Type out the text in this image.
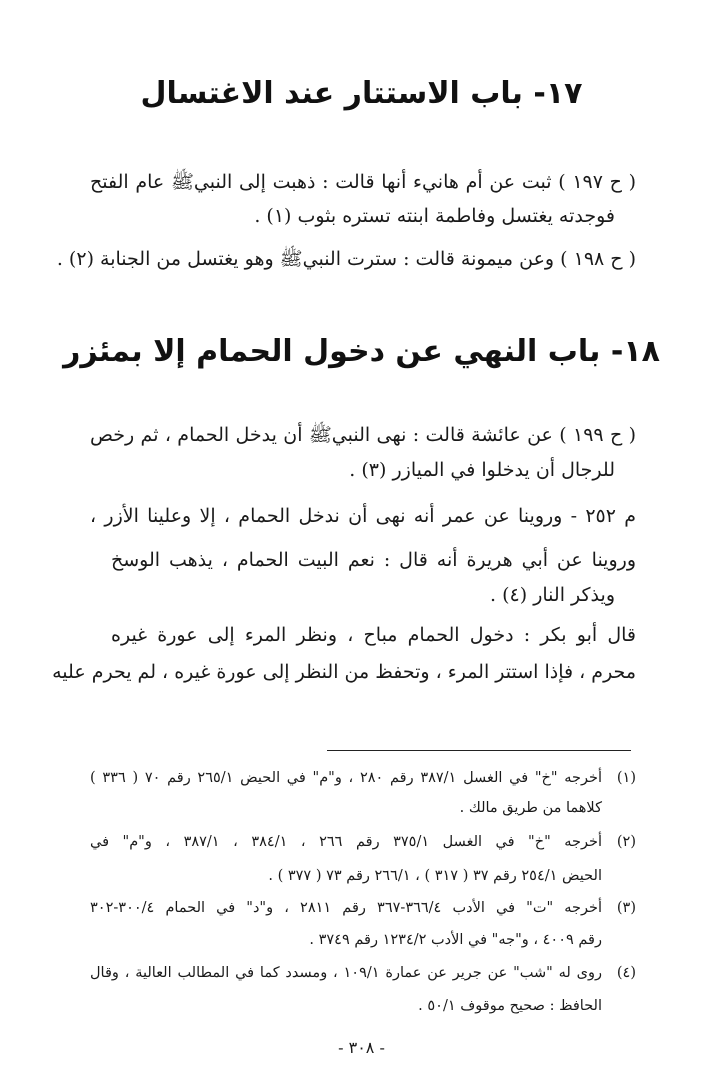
١٧- باب الاستتار عند الاغتسال
( ح ١٩٧ ) ثبت عن أم هانيء أنها قالت : ذهبت إلى النبيﷺ عام الفتح
فوجدته يغتسل وفاطمة ابنته تستره بثوب (١) .
( ح ١٩٨ ) وعن ميمونة قالت : سترت النبيﷺ وهو يغتسل من الجنابة (٢) .
١٨- باب النهي عن دخول الحمام إلا بمئزر
( ح ١٩٩ ) عن عائشة قالت : نهى النبيﷺ أن يدخل الحمام ، ثم رخص
للرجال أن يدخلوا في الميازر (٣) .
م ٢٥٢ - وروينا عن عمر أنه نهى أن ندخل الحمام ، إلا وعلينا الأزر ،
وروينا عن أبي هريرة أنه قال : نعم البيت الحمام ، يذهب الوسخ
ويذكر النار (٤) .
قال أبو بكر : دخول الحمام مباح ، ونظر المرء إلى عورة غيره
محرم ، فإذا استتر المرء ، وتحفظ من النظر إلى عورة غيره ، لم يحرم عليه
(١)أخرجه "خ" في الغسل ٣٨٧/١ رقم ٢٨٠ ، و"م" في الحيض ٢٦٥/١ رقم ٧٠ ( ٣٣٦ )
كلاهما من طريق مالك .
(٢)أخرجه "خ" في الغسل ٣٧٥/١ رقم ٢٦٦ ، ٣٨٤/١ ، ٣٨٧/١ ، و"م" في
الحيض ٢٥٤/١ رقم ٣٧ ( ٣١٧ ) ، ٢٦٦/١ رقم ٧٣ ( ٣٧٧ ) .
(٣)أخرجه "ت" في الأدب ٣٦٦/٤-٣٦٧ رقم ٢٨١١ ، و"د" في الحمام ٣٠٠/٤-٣٠٢
رقم ٤٠٠٩ ، و"جه" في الأدب ١٢٣٤/٢ رقم ٣٧٤٩ .
(٤)روى له "شب" عن جرير عن عمارة ١٠٩/١ ، ومسدد كما في المطالب العالية ، وقال
الحافظ : صحيح موقوف ٥٠/١ .
- ٣٠٨ -
